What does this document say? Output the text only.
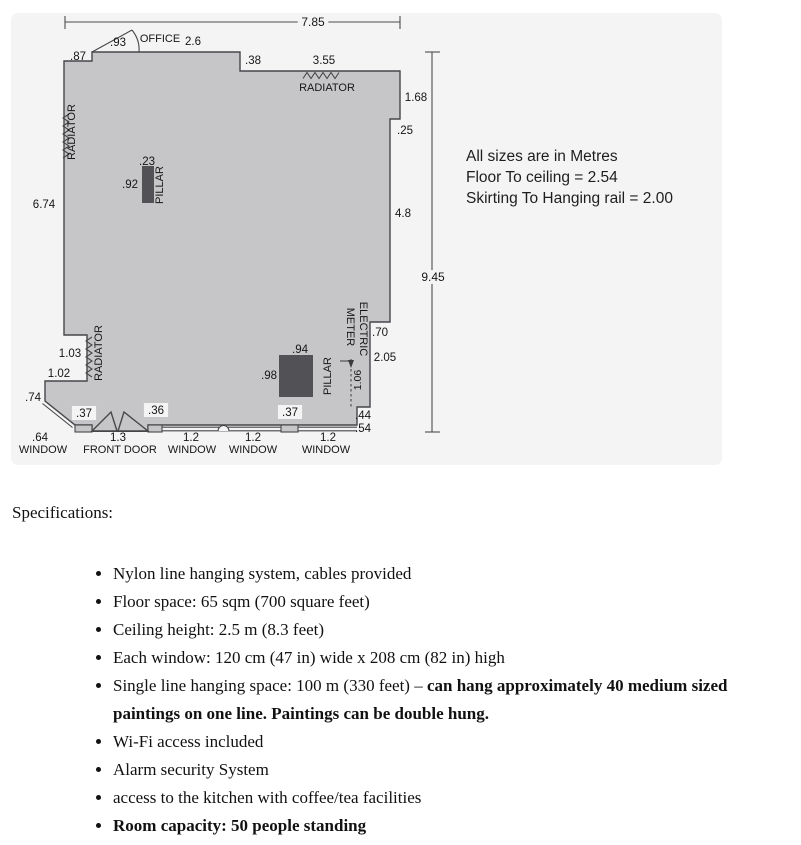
7.85
.87
.93 OFFICE 2.6
.38	3.55
RADIATOR
1.68
.25
4.8
9.45
6.74
RADIATOR
.23
.92 PILLAR
1.03
1.02 RADIATOR
.74
.37	.36	.37
.94
.98	PILLAR
ELECTRIC
METER .70
2.05
1.06
.44
.54
.64
WINDOW
1.3
FRONT DOOR
1.2
WINDOW
1.2
WINDOW
1.2
WINDOW
All sizes are in Metres
Floor To ceiling = 2.54
Skirting To Hanging rail = 2.00
Specifications:
• Nylon line hanging system, cables provided
• Floor space: 65 sqm (700 square feet)
• Ceiling height: 2.5 m (8.3 feet)
• Each window: 120 cm (47 in) wide x 208 cm (82 in) high
• Single line hanging space: 100 m (330 feet) – can hang approximately 40 medium sized
paintings on one line. Paintings can be double hung.
• Wi-Fi access included
• Alarm security System
• access to the kitchen with coffee/tea facilities
• Room capacity: 50 people standing
